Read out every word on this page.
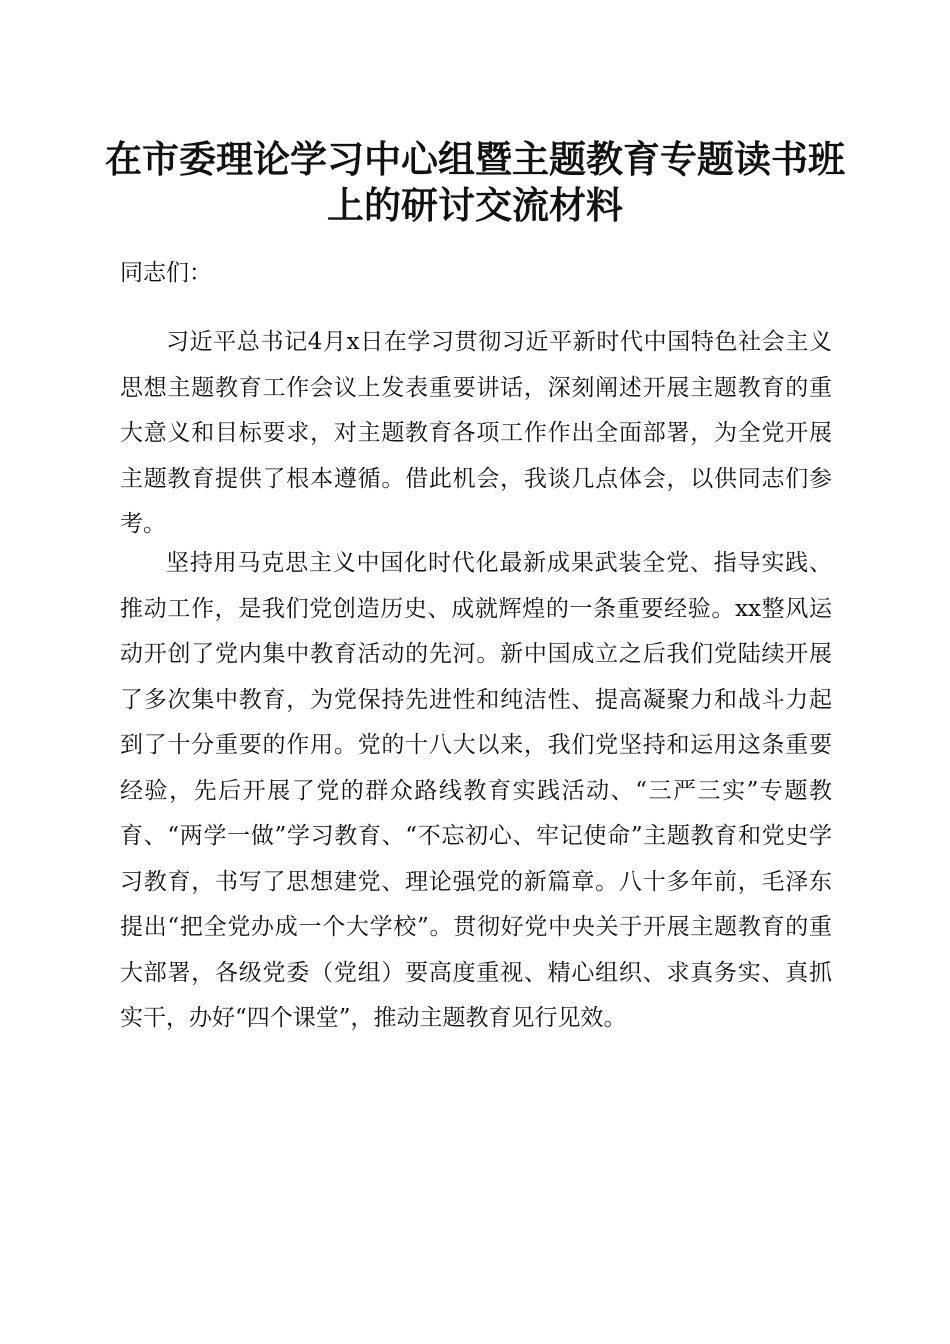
在市委理论学习中心组暨主题教育专题读书班
上的研讨交流材料
同志们：

习近平总书记4月x日在学习贯彻习近平新时代中国特色社会主义思想主题教育工作会议上发表重要讲话，深刻阐述开展主题教育的重大意义和目标要求，对主题教育各项工作作出全面部署，为全党开展主题教育提供了根本遵循。借此机会，我谈几点体会，以供同志们参考。

坚持用马克思主义中国化时代化最新成果武装全党、指导实践、推动工作，是我们党创造历史、成就辉煌的一条重要经验。xx整风运动开创了党内集中教育活动的先河。新中国成立之后我们党陆续开展了多次集中教育，为党保持先进性和纯洁性、提高凝聚力和战斗力起到了十分重要的作用。党的十八大以来，我们党坚持和运用这条重要经验，先后开展了党的群众路线教育实践活动、“三严三实”专题教育、“两学一做”学习教育、“不忘初心、牢记使命”主题教育和党史学习教育，书写了思想建党、理论强党的新篇章。八十多年前，毛泽东提出“把全党办成一个大学校”。贯彻好党中央关于开展主题教育的重大部署，各级党委（党组）要高度重视、精心组织、求真务实、真抓实干，办好“四个课堂”，推动主题教育见行见效。
